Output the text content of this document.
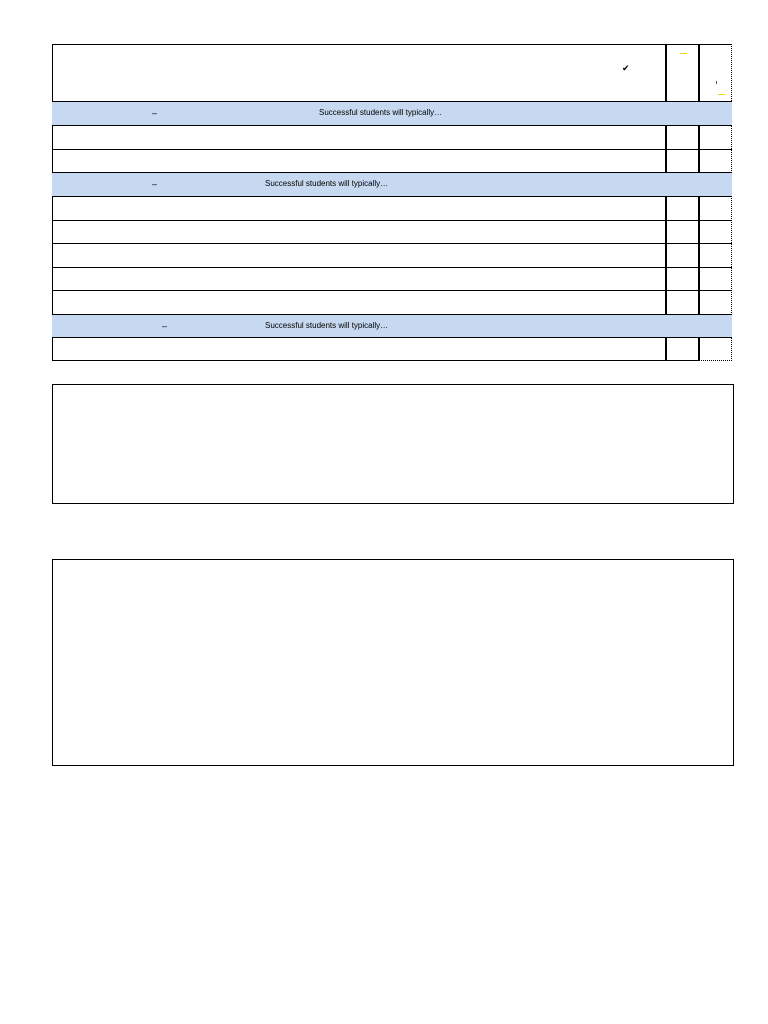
✔
–	Successful students will typically…
–	Successful students will typically…
–	Successful students will typically…
